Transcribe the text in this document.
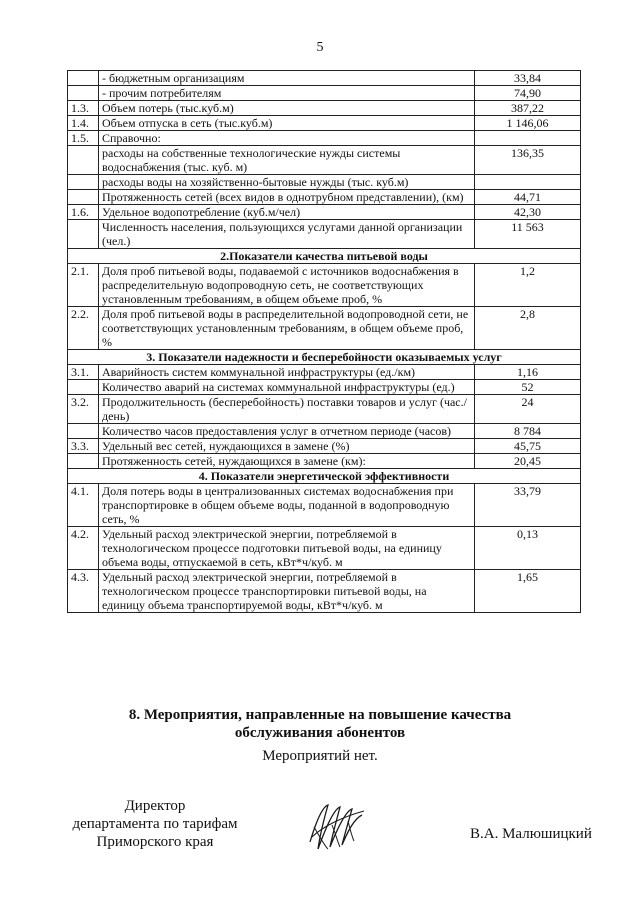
5
	- бюджетным организациям	33,84
	- прочим потребителям	74,90
1.3.	Объем потерь (тыс.куб.м)	387,22
1.4.	Объем отпуска в сеть (тыс.куб.м)	1 146,06
1.5.	Справочно:	
	расходы на собственные технологические нужды системы водоснабжения (тыс. куб. м)	136,35
	расходы воды на хозяйственно-бытовые нужды (тыс. куб.м)	
	Протяженность сетей (всех видов в однотрубном представлении), (км)	44,71
1.6.	Удельное водопотребление (куб.м/чел)	42,30
	Численность населения, пользующихся услугами данной организации (чел.)	11 563
2.Показатели качества питьевой воды		
2.1.	Доля проб питьевой воды, подаваемой с источников водоснабжения в распределительную водопроводную сеть, не соответствующих установленным требованиям, в общем объеме проб, %	1,2
2.2.	Доля проб питьевой воды в распределительной водопроводной сети, не соответствующих установленным требованиям, в общем объеме проб, %	2,8
3. Показатели надежности и бесперебойности оказываемых услуг		
3.1.	Аварийность систем коммунальной инфраструктуры (ед./км)	1,16
	Количество аварий на системах коммунальной инфраструктуры (ед.)	52
3.2.	Продолжительность (бесперебойность) поставки товаров и услуг (час./день)	24
	Количество часов предоставления услуг в отчетном периоде (часов)	8 784
3.3.	Удельный вес сетей, нуждающихся в замене (%)	45,75
	Протяженность сетей, нуждающихся в замене (км):	20,45
4. Показатели энергетической эффективности		
4.1.	Доля потерь воды в централизованных системах водоснабжения при транспортировке в общем объеме воды, поданной в водопроводную сеть, %	33,79
4.2.	Удельный расход электрической энергии, потребляемой в технологическом процессе подготовки питьевой воды, на единицу объема воды, отпускаемой в сеть, кВт*ч/куб. м	0,13
4.3.	Удельный расход электрической энергии, потребляемой в технологическом процессе транспортировки питьевой воды, на единицу объема транспортируемой воды, кВт*ч/куб. м	1,65
8. Мероприятия, направленные на повышение качества
обслуживания абонентов
Мероприятий нет.
Директор
департамента по тарифам
Приморского края	В.А. Малюшицкий
